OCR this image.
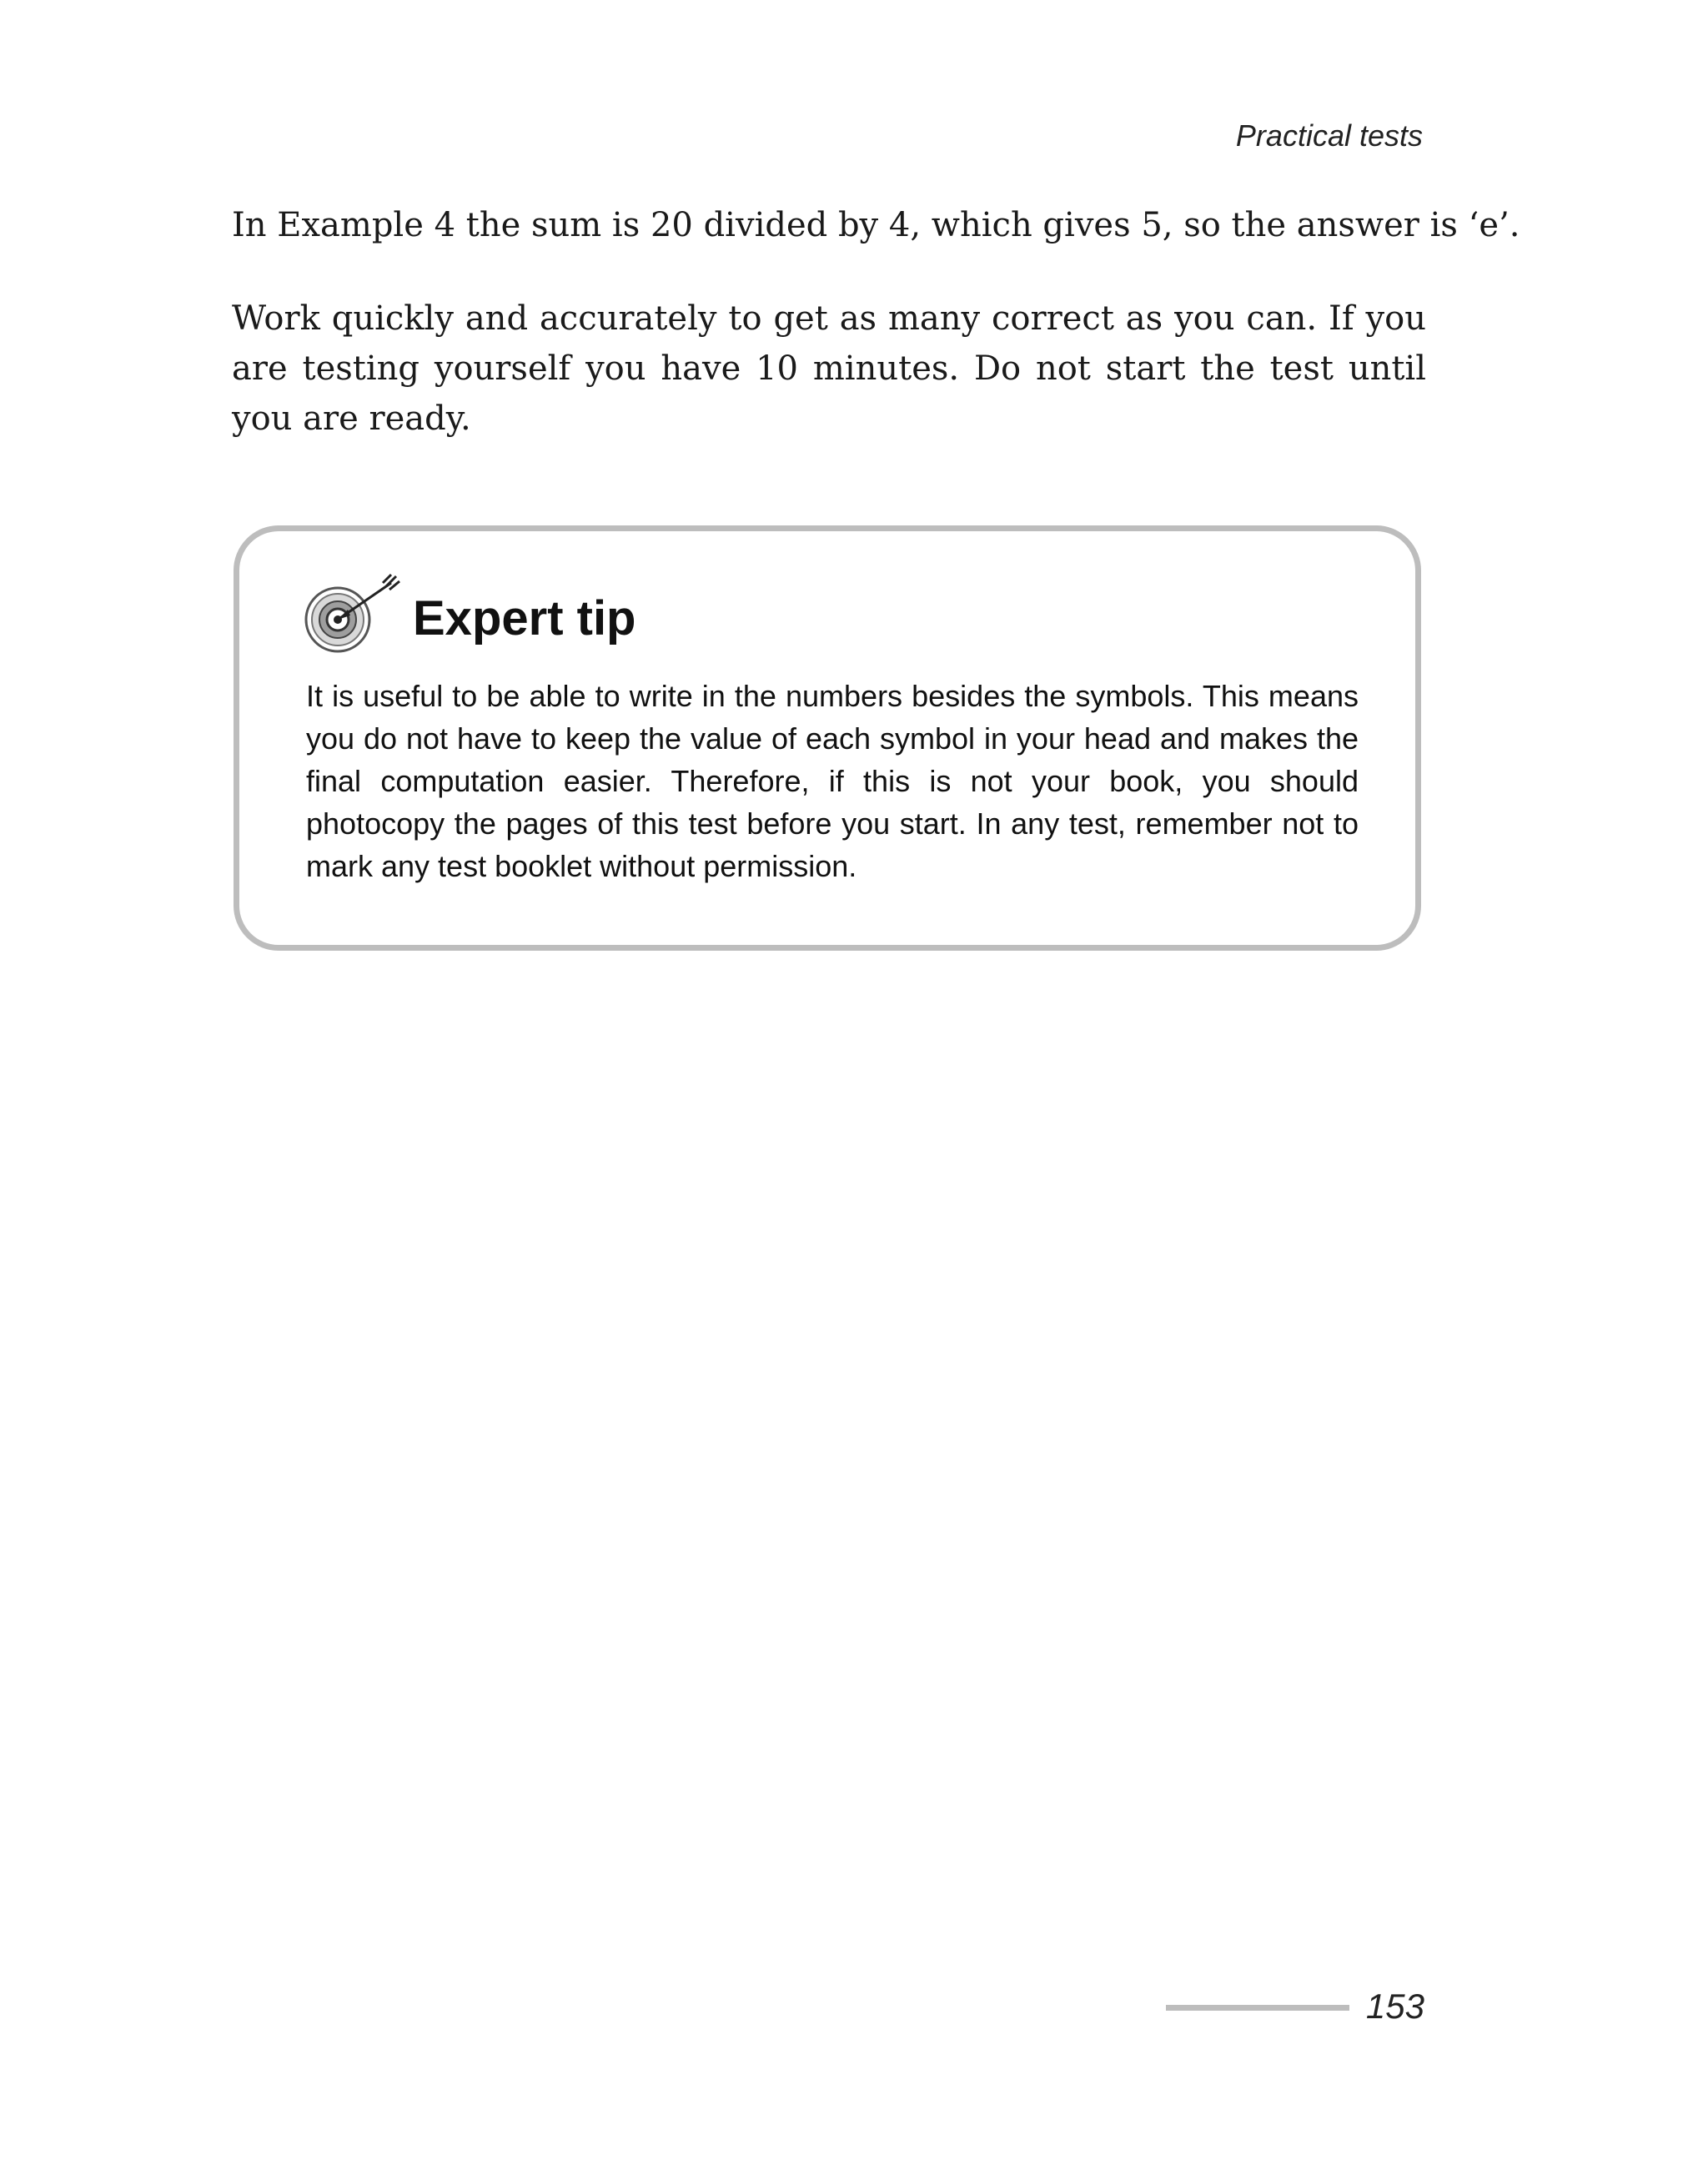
Practical tests

In Example 4 the sum is 20 divided by 4, which gives 5, so the answer is ‘e’.

Work quickly and accurately to get as many correct as you can. If you are testing yourself you have 10 minutes. Do not start the test until you are ready.

Expert tip

It is useful to be able to write in the numbers besides the symbols. This means you do not have to keep the value of each symbol in your head and makes the final computation easier. Therefore, if this is not your book, you should photocopy the pages of this test before you start. In any test, remember not to mark any test booklet without permission.

153
